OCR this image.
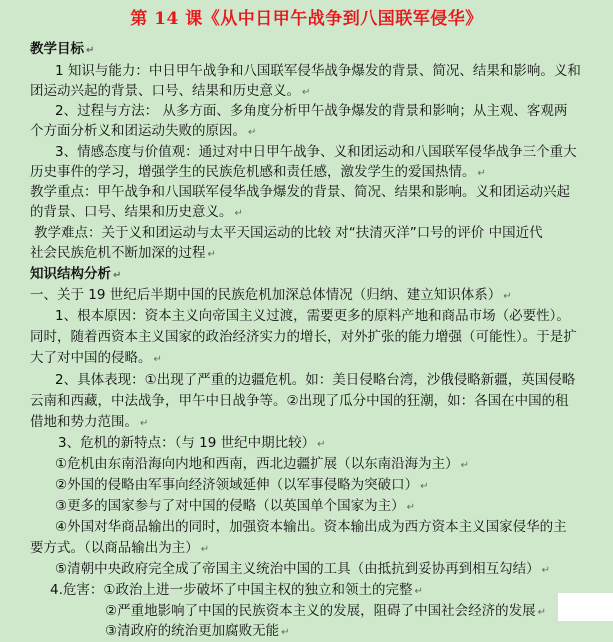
第 14 课《从中日甲午战争到八国联军侵华》
教学目标 ↵
1 知识与能力：中日甲午战争和八国联军侵华战争爆发的背景、简况、结果和影响。义和
团运动兴起的背景、口号、结果和历史意义。 ↵
2、过程与方法： 从多方面、多角度分析甲午战争爆发的背景和影响；从主观、客观两
个方面分析义和团运动失败的原因。 ↵
3、情感态度与价值观：通过对中日甲午战争、义和团运动和八国联军侵华战争三个重大
历史事件的学习，增强学生的民族危机感和责任感，激发学生的爱国热情。 ↵
教学重点：甲午战争和八国联军侵华战争爆发的背景、简况、结果和影响。义和团运动兴起
的背景、口号、结果和历史意义。 ↵
教学难点：关于义和团运动与太平天国运动的比较 对“扶清灭洋”口号的评价 中国近代
社会民族危机不断加深的过程 ↵
知识结构分析 ↵
一、关于 19 世纪后半期中国的民族危机加深总体情况（归纳、建立知识体系） ↵
1、根本原因：资本主义向帝国主义过渡，需要更多的原料产地和商品市场（必要性）。
同时，随着西资本主义国家的政治经济实力的增长，对外扩张的能力增强（可能性）。于是扩
大了对中国的侵略。 ↵
2、具体表现：①出现了严重的边疆危机。如：美日侵略台湾，沙俄侵略新疆，英国侵略
云南和西藏，中法战争，甲午中日战争等。②出现了瓜分中国的狂潮，如：各国在中国的租
借地和势力范围。 ↵
3、危机的新特点：（与 19 世纪中期比较） ↵
①危机由东南沿海向内地和西南，西北边疆扩展（以东南沿海为主） ↵
②外国的侵略由军事向经济领域延伸（以军事侵略为突破口） ↵
③更多的国家参与了对中国的侵略（以英国单个国家为主） ↵
④外国对华商品输出的同时，加强资本输出。资本输出成为西方资本主义国家侵华的主
要方式。（以商品输出为主） ↵
⑤清朝中央政府完全成了帝国主义统治中国的工具（由抵抗到妥协再到相互勾结） ↵
4.危害：①政治上进一步破坏了中国主权的独立和领土的完整 ↵
②严重地影响了中国的民族资本主义的发展，阻碍了中国社会经济的发展 ↵
③清政府的统治更加腐败无能 ↵
